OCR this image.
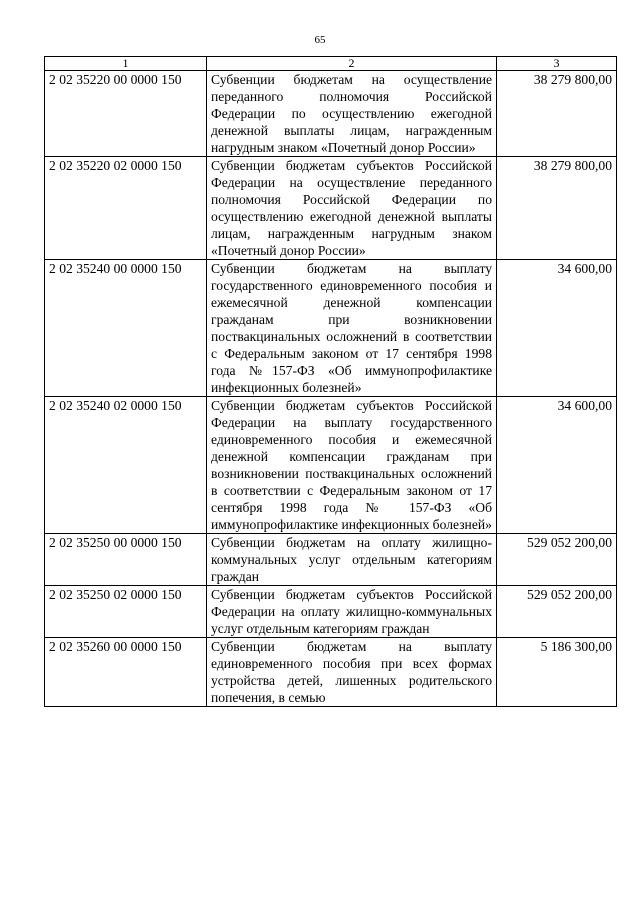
65
1	2	3
2 02 35220 00 0000 150	Субвенции бюджетам на осуществление переданного полномочия Российской Федерации по осуществлению ежегодной денежной выплаты лицам, награжденным нагрудным знаком «Почетный донор России»	38 279 800,00
2 02 35220 02 0000 150	Субвенции бюджетам субъектов Российской Федерации на осуществление переданного полномочия Российской Федерации по осуществлению ежегодной денежной выплаты лицам, награжденным нагрудным знаком «Почетный донор России»	38 279 800,00
2 02 35240 00 0000 150	Субвенции бюджетам на выплату государственного единовременного пособия и ежемесячной денежной компенсации гражданам при возникновении поствакцинальных осложнений в соответствии с Федеральным законом от 17 сентября 1998 года №157-ФЗ «Об иммунопрофилактике инфекционных болезней»	34 600,00
2 02 35240 02 0000 150	Субвенции бюджетам субъектов Российской Федерации на выплату государственного единовременного пособия и ежемесячной денежной компенсации гражданам при возникновении поствакцинальных осложнений в соответствии с Федеральным законом от 17 сентября 1998 года № 157-ФЗ «Об иммунопрофилактике инфекционных болезней»	34 600,00
2 02 35250 00 0000 150	Субвенции бюджетам на оплату жилищно-коммунальных услуг отдельным категориям граждан	529 052 200,00
2 02 35250 02 0000 150	Субвенции бюджетам субъектов Российской Федерации на оплату жилищно-коммунальных услуг отдельным категориям граждан	529 052 200,00
2 02 35260 00 0000 150	Субвенции бюджетам на выплату единовременного пособия при всех формах устройства детей, лишенных родительского попечения, в семью	5 186 300,00
